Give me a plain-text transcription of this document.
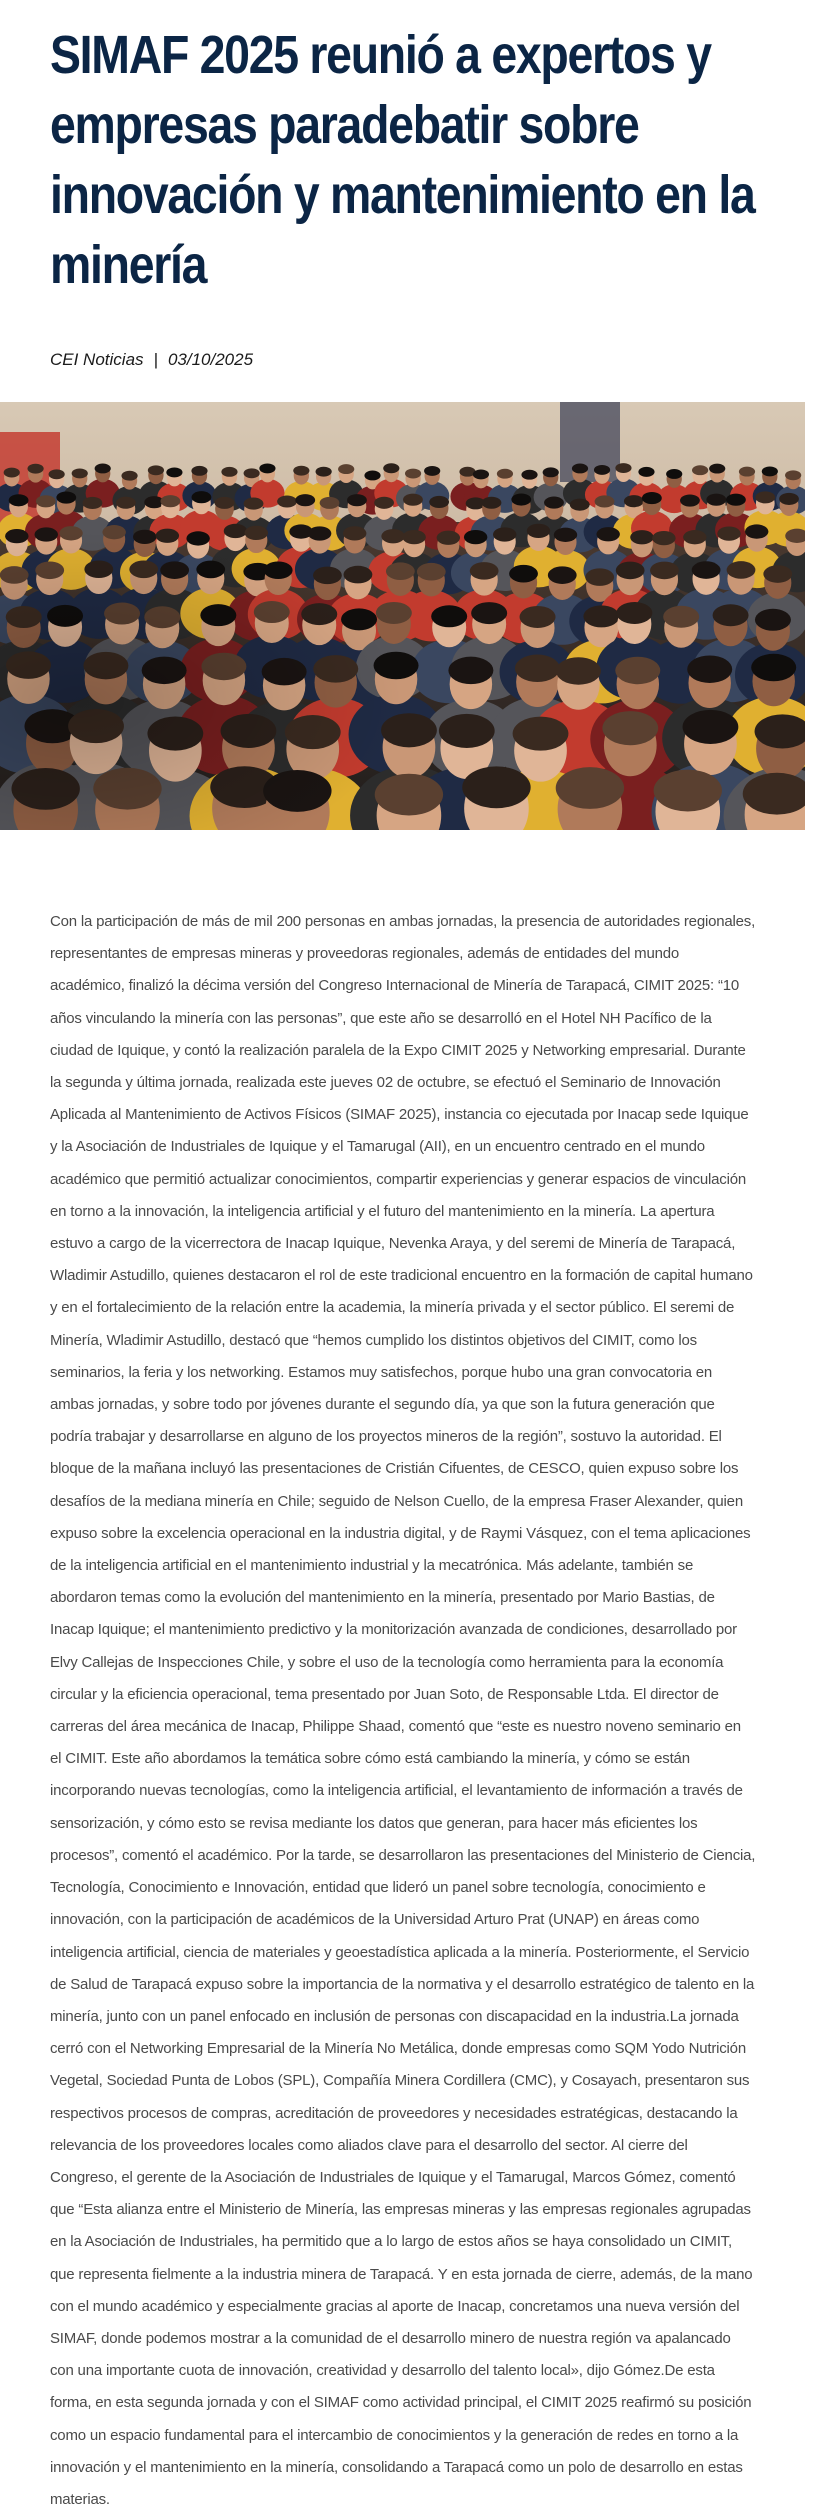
SIMAF 2025 reunió a expertos y empresas paradebatir sobre innovación y mantenimiento en la minería
CEI Noticias | 03/10/2025

Con la participación de más de mil 200 personas en ambas jornadas, la presencia de autoridades regionales, representantes de empresas mineras y proveedoras regionales, además de entidades del mundo académico, finalizó la décima versión del Congreso Internacional de Minería de Tarapacá, CIMIT 2025: “10 años vinculando la minería con las personas”, que este año se desarrolló en el Hotel NH Pacífico de la ciudad de Iquique, y contó la realización paralela de la Expo CIMIT 2025 y Networking empresarial. Durante la segunda y última jornada, realizada este jueves 02 de octubre, se efectuó el Seminario de Innovación Aplicada al Mantenimiento de Activos Físicos (SIMAF 2025), instancia co ejecutada por Inacap sede Iquique y la Asociación de Industriales de Iquique y el Tamarugal (AII), en un encuentro centrado en el mundo académico que permitió actualizar conocimientos, compartir experiencias y generar espacios de vinculación en torno a la innovación, la inteligencia artificial y el futuro del mantenimiento en la minería. La apertura estuvo a cargo de la vicerrectora de Inacap Iquique, Nevenka Araya, y del seremi de Minería de Tarapacá, Wladimir Astudillo, quienes destacaron el rol de este tradicional encuentro en la formación de capital humano y en el fortalecimiento de la relación entre la academia, la minería privada y el sector público. El seremi de Minería, Wladimir Astudillo, destacó que “hemos cumplido los distintos objetivos del CIMIT, como los seminarios, la feria y los networking. Estamos muy satisfechos, porque hubo una gran convocatoria en ambas jornadas, y sobre todo por jóvenes durante el segundo día, ya que son la futura generación que podría trabajar y desarrollarse en alguno de los proyectos mineros de la región”, sostuvo la autoridad. El bloque de la mañana incluyó las presentaciones de Cristián Cifuentes, de CESCO, quien expuso sobre los desafíos de la mediana minería en Chile; seguido de Nelson Cuello, de la empresa Fraser Alexander, quien expuso sobre la excelencia operacional en la industria digital, y de Raymi Vásquez, con el tema aplicaciones de la inteligencia artificial en el mantenimiento industrial y la mecatrónica. Más adelante, también se abordaron temas como la evolución del mantenimiento en la minería, presentado por Mario Bastias, de Inacap Iquique; el mantenimiento predictivo y la monitorización avanzada de condiciones, desarrollado por Elvy Callejas de Inspecciones Chile, y sobre el uso de la tecnología como herramienta para la economía circular y la eficiencia operacional, tema presentado por Juan Soto, de Responsable Ltda. El director de carreras del área mecánica de Inacap, Philippe Shaad, comentó que “este es nuestro noveno seminario en el CIMIT. Este año abordamos la temática sobre cómo está cambiando la minería, y cómo se están incorporando nuevas tecnologías, como la inteligencia artificial, el levantamiento de información a través de sensorización, y cómo esto se revisa mediante los datos que generan, para hacer más eficientes los procesos”, comentó el académico. Por la tarde, se desarrollaron las presentaciones del Ministerio de Ciencia, Tecnología, Conocimiento e Innovación, entidad que lideró un panel sobre tecnología, conocimiento e innovación, con la participación de académicos de la Universidad Arturo Prat (UNAP) en áreas como inteligencia artificial, ciencia de materiales y geoestadística aplicada a la minería. Posteriormente, el Servicio de Salud de Tarapacá expuso sobre la importancia de la normativa y el desarrollo estratégico de talento en la minería, junto con un panel enfocado en inclusión de personas con discapacidad en la industria.La jornada cerró con el Networking Empresarial de la Minería No Metálica, donde empresas como SQM Yodo Nutrición Vegetal, Sociedad Punta de Lobos (SPL), Compañía Minera Cordillera (CMC), y Cosayach, presentaron sus respectivos procesos de compras, acreditación de proveedores y necesidades estratégicas, destacando la relevancia de los proveedores locales como aliados clave para el desarrollo del sector. Al cierre del Congreso, el gerente de la Asociación de Industriales de Iquique y el Tamarugal, Marcos Gómez, comentó que “Esta alianza entre el Ministerio de Minería, las empresas mineras y las empresas regionales agrupadas en la Asociación de Industriales, ha permitido que a lo largo de estos años se haya consolidado un CIMIT, que representa fielmente a la industria minera de Tarapacá. Y en esta jornada de cierre, además, de la mano con el mundo académico y especialmente gracias al aporte de Inacap, concretamos una nueva versión del SIMAF, donde podemos mostrar a la comunidad de el desarrollo minero de nuestra región va apalancado con una importante cuota de innovación, creatividad y desarrollo del talento local», dijo Gómez.De esta forma, en esta segunda jornada y con el SIMAF como actividad principal, el CIMIT 2025 reafirmó su posición como un espacio fundamental para el intercambio de conocimientos y la generación de redes en torno a la innovación y el mantenimiento en la minería, consolidando a Tarapacá como un polo de desarrollo en estas materias.
